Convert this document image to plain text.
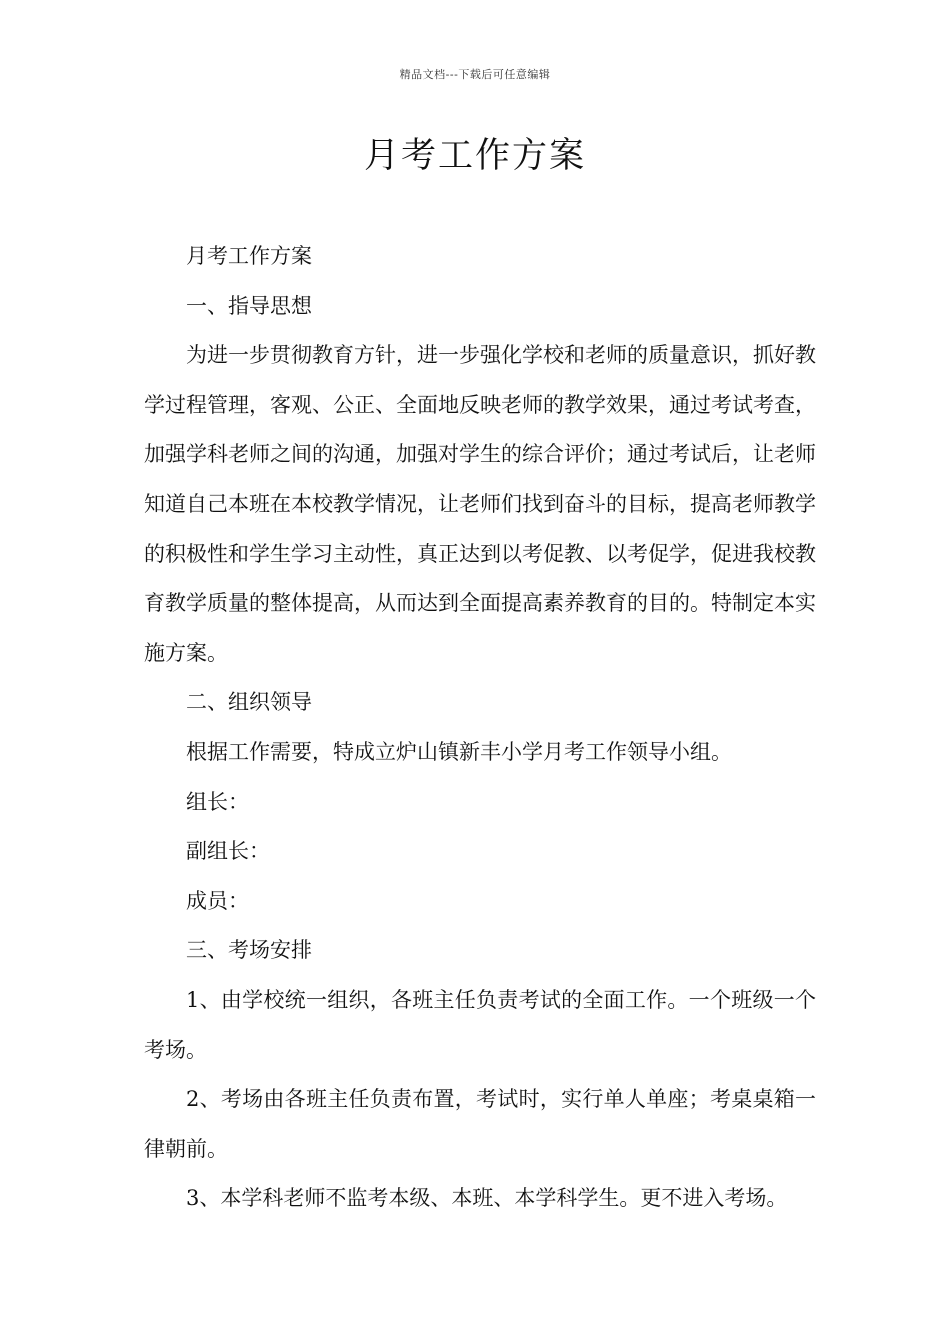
精品文档---下载后可任意编辑
月考工作方案

月考工作方案

一、指导思想

为进一步贯彻教育方针，进一步强化学校和老师的质量意识，抓好教学过程管理，客观、公正、全面地反映老师的教学效果，通过考试考查，加强学科老师之间的沟通，加强对学生的综合评价；通过考试后，让老师知道自己本班在本校教学情况，让老师们找到奋斗的目标，提高老师教学的积极性和学生学习主动性，真正达到以考促教、以考促学，促进我校教育教学质量的整体提高，从而达到全面提高素养教育的目的。特制定本实施方案。

二、组织领导

根据工作需要，特成立炉山镇新丰小学月考工作领导小组。

组长：

副组长：

成员：

三、考场安排

1、由学校统一组织，各班主任负责考试的全面工作。一个班级一个考场。

2、考场由各班主任负责布置，考试时，实行单人单座；考桌桌箱一律朝前。

3、本学科老师不监考本级、本班、本学科学生。更不进入考场。
